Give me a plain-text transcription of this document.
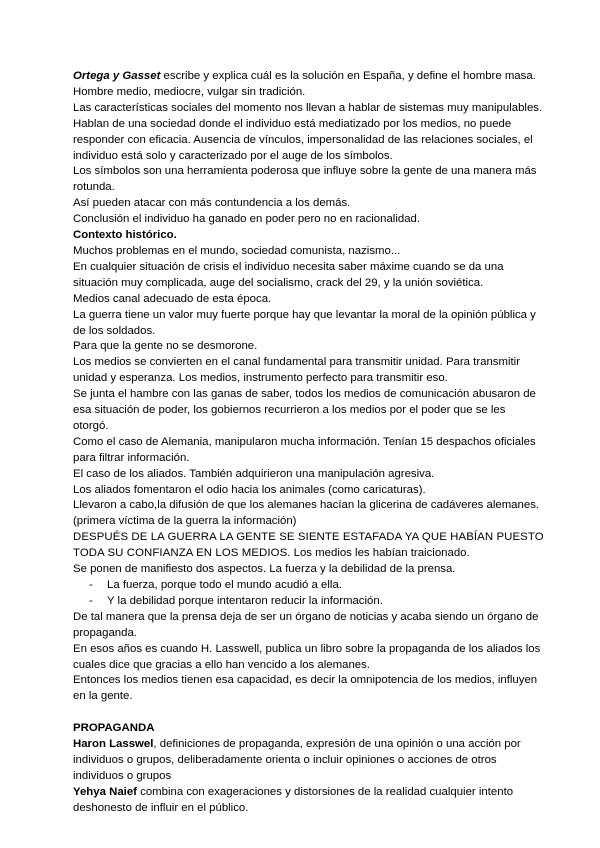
Ortega y Gasset escribe y explica cuál es la solución en España, y define el hombre masa. Hombre medio, mediocre, vulgar sin tradición.

Las características sociales del momento nos llevan a hablar de sistemas muy manipulables. Hablan de una sociedad donde el individuo está mediatizado por los medios, no puede responder con eficacia. Ausencia de vínculos, impersonalidad de las relaciones sociales, el individuo está solo y caracterizado por el auge de los símbolos.

Los símbolos son una herramienta poderosa que influye sobre la gente de una manera más rotunda.

Así pueden atacar con más contundencia a los demás.

Conclusión el individuo ha ganado en poder pero no en racionalidad.

Contexto histórico.

Muchos problemas en el mundo, sociedad comunista, nazismo...

En cualquier situación de crisis el individuo necesita saber máxime cuando se da una situación muy complicada, auge del socialismo, crack del 29, y la unión soviética.

Medios canal adecuado de esta época.

La guerra tiene un valor muy fuerte porque hay que levantar la moral de la opinión pública y de los soldados.

Para que la gente no se desmorone.

Los medios se convierten en el canal fundamental para transmitir unidad. Para transmitir unidad y esperanza. Los medios, instrumento perfecto para transmitir eso.

Se junta el hambre con las ganas de saber, todos los medios de comunicación abusaron de esa situación de poder, los gobiernos recurrieron a los medios por el poder que se les otorgó.

Como el caso de Alemania, manipularon mucha información. Tenían 15 despachos oficiales para filtrar información.

El caso de los aliados. También adquirieron una manipulación agresiva.

Los aliados fomentaron el odio hacia los animales (como caricaturas).

Llevaron a cabo,la difusión de que los alemanes hacían la glicerina de cadáveres alemanes. (primera víctima de la guerra la información)

DESPUÉS DE LA GUERRA LA GENTE SE SIENTE ESTAFADA YA QUE HABÍAN PUESTO TODA SU CONFIANZA EN LOS MEDIOS. Los medios les habían traicionado.

Se ponen de manifiesto dos aspectos. La fuerza y la debilidad de la prensa.

- La fuerza, porque todo el mundo acudió a ella.
- Y la debilidad porque intentaron reducir la información.

De tal manera que la prensa deja de ser un órgano de noticias y acaba siendo un órgano de propaganda.

En esos años es cuando H. Lasswell, publica un libro sobre la propaganda de los aliados los cuales dice que gracias a ello han vencido a los alemanes.

Entonces los medios tienen esa capacidad, es decir la omnipotencia de los medios, influyen en la gente.

PROPAGANDA

Haron Lasswel, definiciones de propaganda, expresión de una opinión o una acción por individuos o grupos, deliberadamente orienta o incluir opiniones o acciones de otros individuos o grupos

Yehya Naief combina con exageraciones y distorsiones de la realidad cualquier intento deshonesto de influir en el público.
